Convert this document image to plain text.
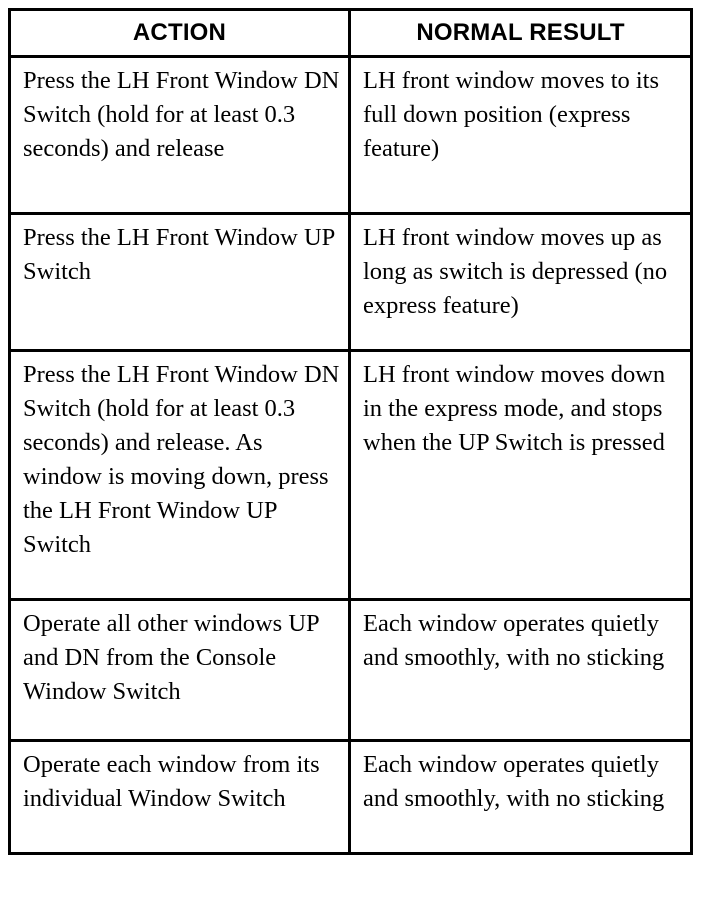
ACTION	NORMAL RESULT

Press the LH Front Window DN Switch (hold for at least 0.3 seconds) and release	LH front window moves to its full down position (express feature)

Press the LH Front Window UP Switch	LH front window moves up as long as switch is depressed (no express feature)

Press the LH Front Window DN Switch (hold for at least 0.3 seconds) and release. As window is moving down, press the LH Front Window UP Switch	LH front window moves down in the express mode, and stops when the UP Switch is pressed

Operate all other windows UP and DN from the Console Window Switch	Each window operates quietly and smoothly, with no sticking

Operate each window from its individual Window Switch	Each window operates quietly and smoothly, with no sticking
